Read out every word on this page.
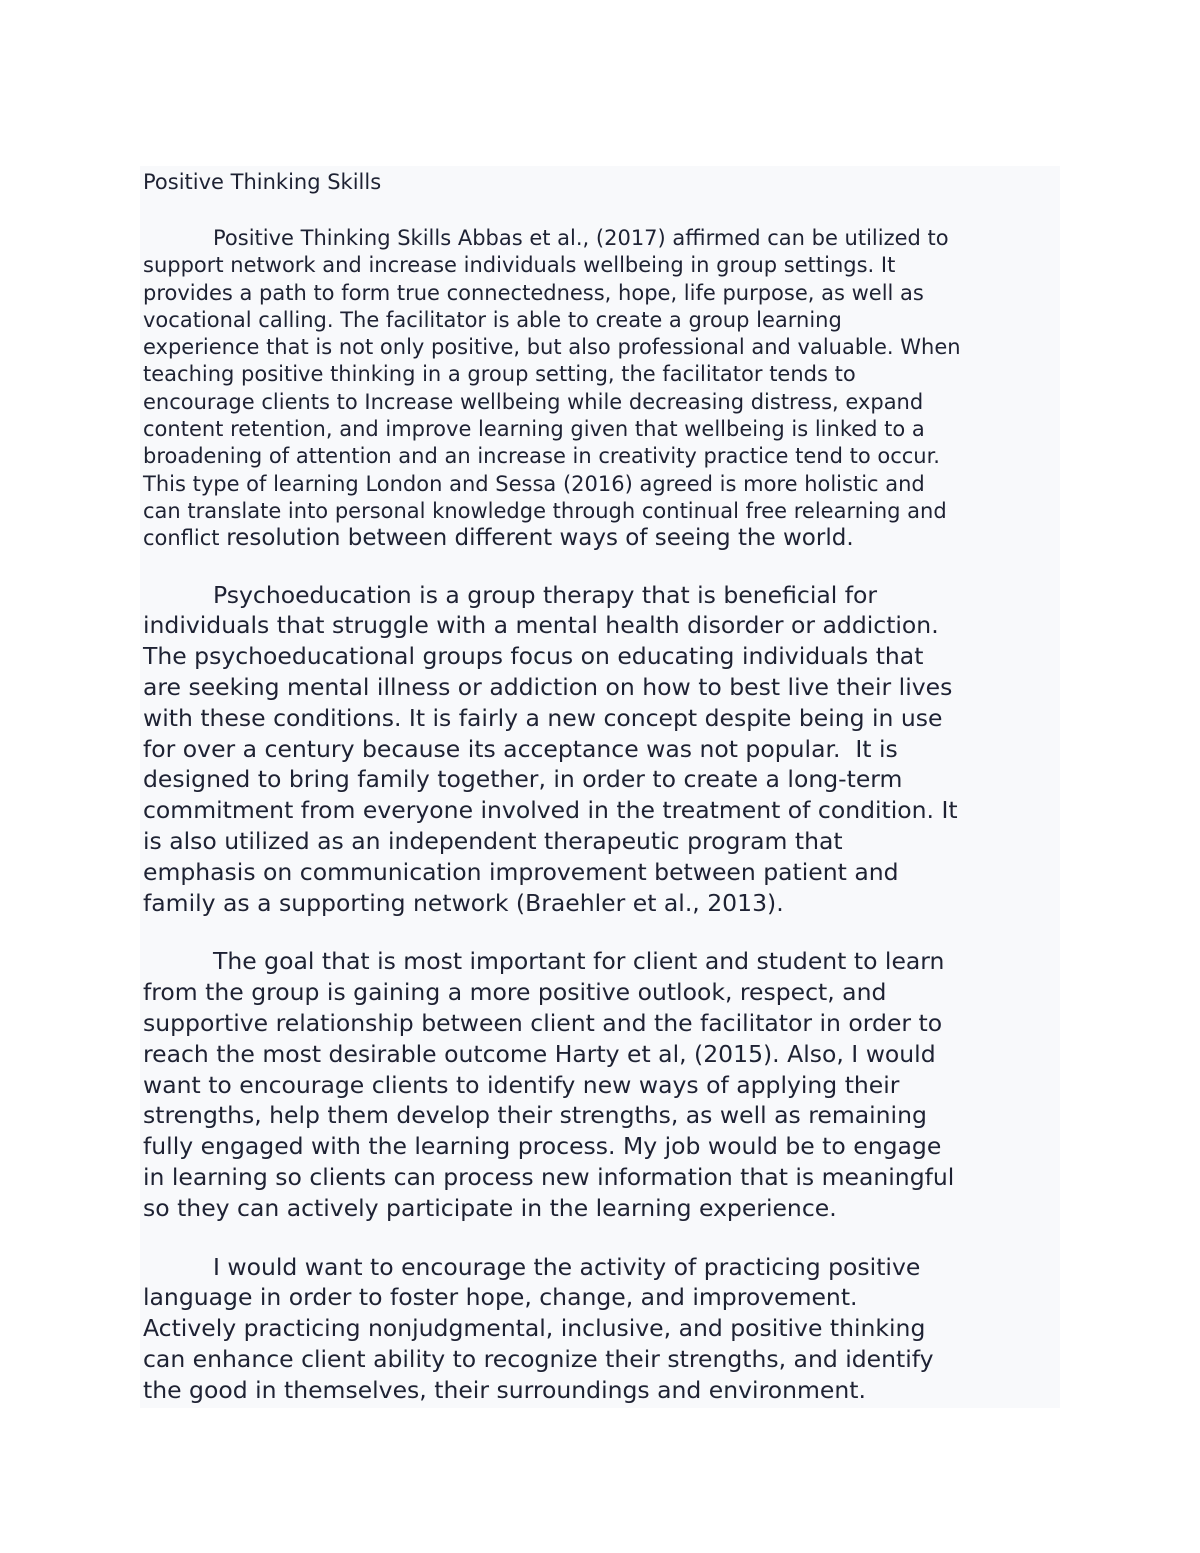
Positive Thinking Skills
Positive Thinking Skills Abbas et al., (2017) affirmed can be utilized to
support network and increase individuals wellbeing in group settings. It
provides a path to form true connectedness, hope, life purpose, as well as
vocational calling. The facilitator is able to create a group learning
experience that is not only positive, but also professional and valuable. When
teaching positive thinking in a group setting, the facilitator tends to
encourage clients to Increase wellbeing while decreasing distress, expand
content retention, and improve learning given that wellbeing is linked to a
broadening of attention and an increase in creativity practice tend to occur.
This type of learning London and Sessa (2016) agreed is more holistic and
can translate into personal knowledge through continual free relearning and
conflict resolution between different ways of seeing the world.
Psychoeducation is a group therapy that is beneficial for
individuals that struggle with a mental health disorder or addiction.
The psychoeducational groups focus on educating individuals that
are seeking mental illness or addiction on how to best live their lives
with these conditions. It is fairly a new concept despite being in use
for over a century because its acceptance was not popular.  It is
designed to bring family together, in order to create a long-term
commitment from everyone involved in the treatment of condition. It
is also utilized as an independent therapeutic program that
emphasis on communication improvement between patient and
family as a supporting network (Braehler et al., 2013).
The goal that is most important for client and student to learn
from the group is gaining a more positive outlook, respect, and
supportive relationship between client and the facilitator in order to
reach the most desirable outcome Harty et al, (2015). Also, I would
want to encourage clients to identify new ways of applying their
strengths, help them develop their strengths, as well as remaining
fully engaged with the learning process. My job would be to engage
in learning so clients can process new information that is meaningful
so they can actively participate in the learning experience.
I would want to encourage the activity of practicing positive
language in order to foster hope, change, and improvement.
Actively practicing nonjudgmental, inclusive, and positive thinking
can enhance client ability to recognize their strengths, and identify
the good in themselves, their surroundings and environment.
